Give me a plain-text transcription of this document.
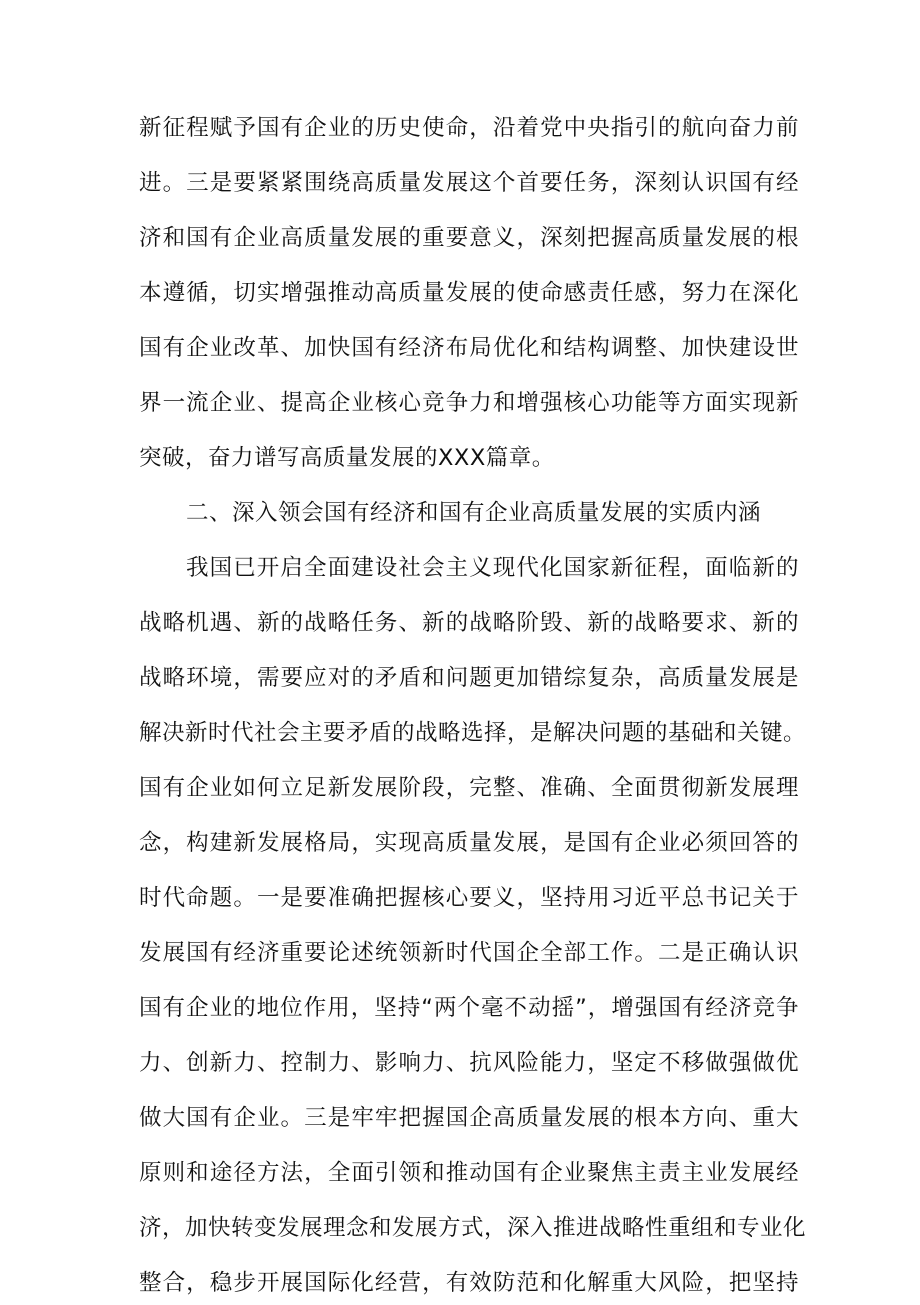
新征程赋予国有企业的历史使命，沿着党中央指引的航向奋力前
进。三是要紧紧围绕高质量发展这个首要任务，深刻认识国有经
济和国有企业高质量发展的重要意义，深刻把握高质量发展的根
本遵循，切实增强推动高质量发展的使命感责任感，努力在深化
国有企业改革、加快国有经济布局优化和结构调整、加快建设世
界一流企业、提高企业核心竞争力和增强核心功能等方面实现新
突破，奋力谱写高质量发展的XXX篇章。
二、深入领会国有经济和国有企业高质量发展的实质内涵
我国已开启全面建设社会主义现代化国家新征程，面临新的
战略机遇、新的战略任务、新的战略阶毁、新的战略要求、新的
战略环境，需要应对的矛盾和问题更加错综复杂，高质量发展是
解决新时代社会主要矛盾的战略选择，是解决问题的基础和关键。
国有企业如何立足新发展阶段，完整、准确、全面贯彻新发展理
念，构建新发展格局，实现高质量发展，是国有企业必须回答的
时代命题。一是要准确把握核心要义，坚持用习近平总书记关于
发展国有经济重要论述统领新时代国企全部工作。二是正确认识
国有企业的地位作用，坚持“两个毫不动摇”，增强国有经济竞争
力、创新力、控制力、影响力、抗风险能力，坚定不移做强做优
做大国有企业。三是牢牢把握国企高质量发展的根本方向、重大
原则和途径方法，全面引领和推动国有企业聚焦主责主业发展经
济，加快转变发展理念和发展方式，深入推进战略性重组和专业化
整合，稳步开展国际化经营，有效防范和化解重大风险，把坚持
